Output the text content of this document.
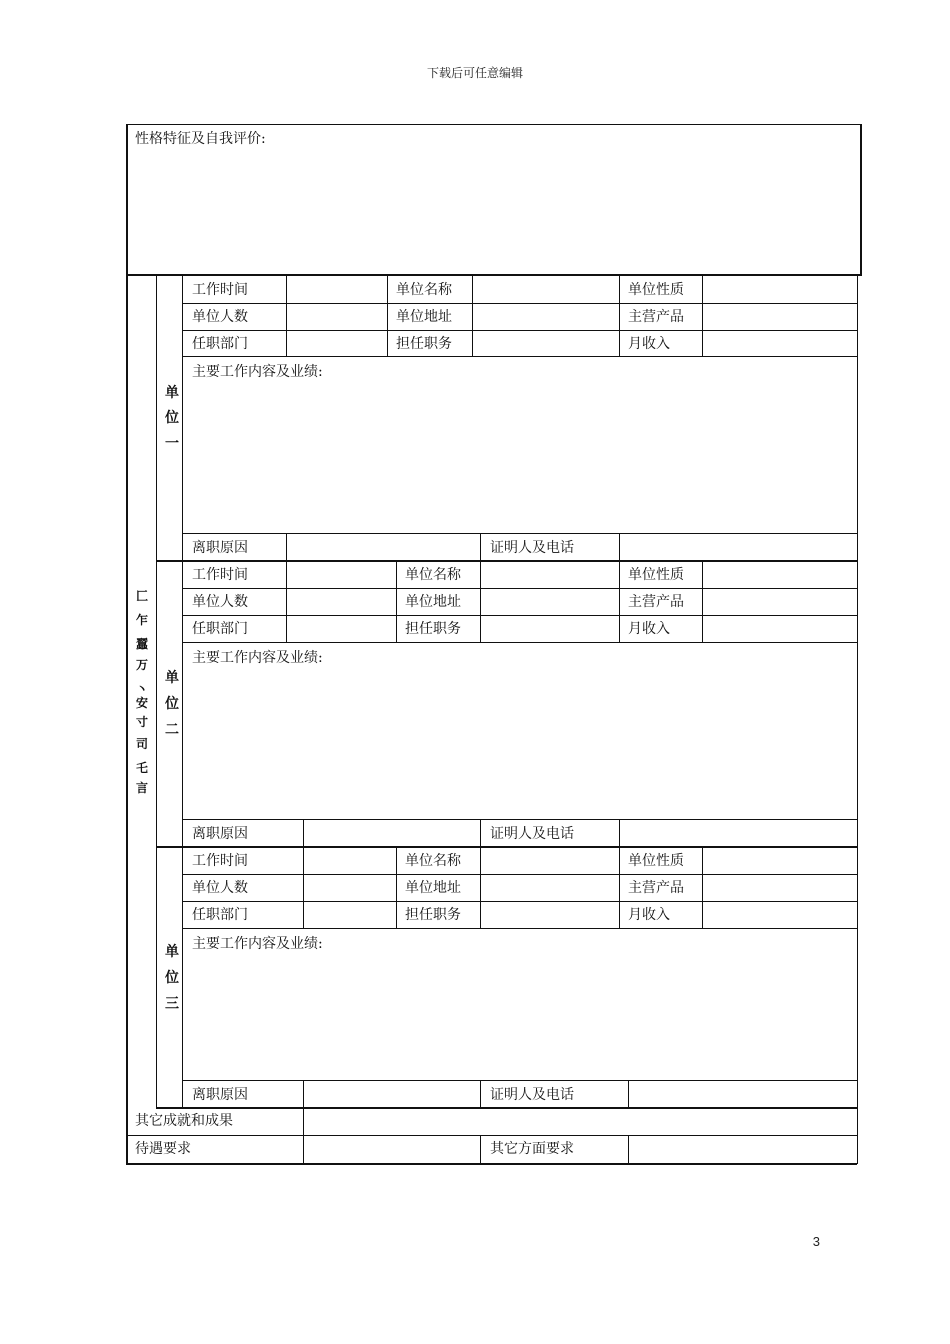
下载后可任意编辑
性格特征及自我评价:
匚
乍
蠶
万
丶
安
寸
司
乇
言
工作时间	单位名称	单位性质
单位人数	单位地址	主营产品
任职部门	担任职务	月收入
主要工作内容及业绩:
离职原因	证明人及电话
单
位
一
工作时间	单位名称	单位性质
单位人数	单位地址	主营产品
任职部门	担任职务	月收入
主要工作内容及业绩:
离职原因	证明人及电话
单
位
二
工作时间	单位名称	单位性质
单位人数	单位地址	主营产品
任职部门	担任职务	月收入
主要工作内容及业绩:
离职原因	证明人及电话
单
位
三
其它成就和成果
待遇要求	其它方面要求
3
